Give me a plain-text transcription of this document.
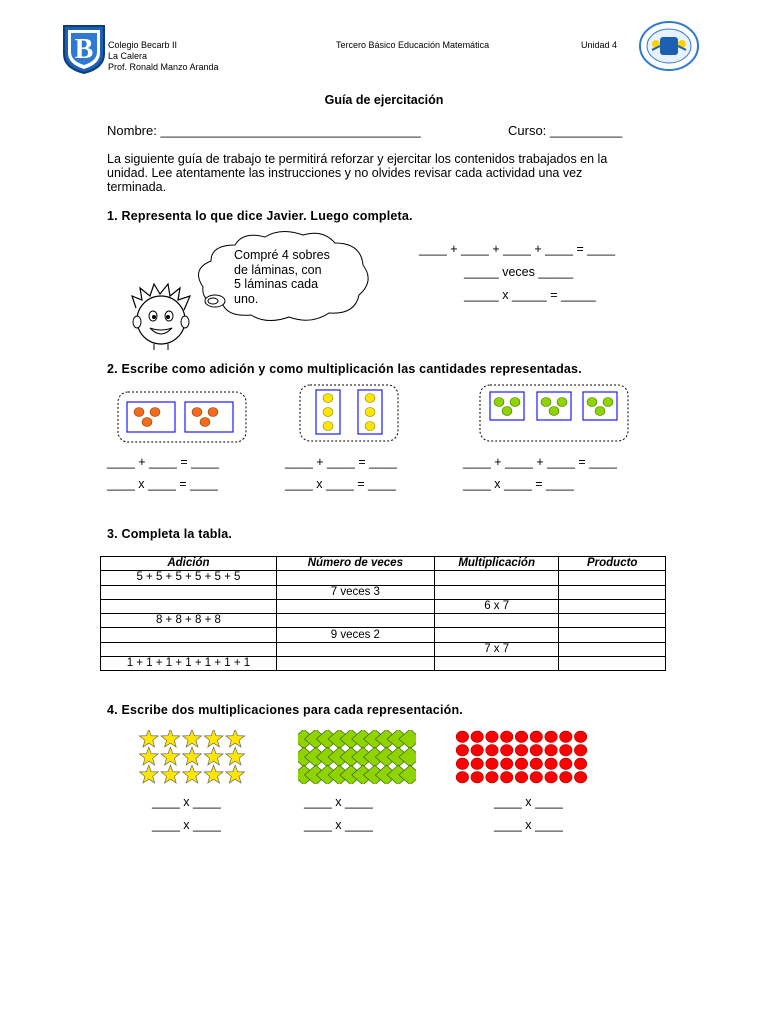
B Colegio Becarb II
La Calera
Prof. Ronald Manzo Aranda
Tercero Básico Educación Matemática	Unidad 4
Guía de ejercitación
Nombre: ____________________________________	Curso: __________
La siguiente guía de trabajo te permitirá reforzar y ejercitar los contenidos trabajados en la
unidad. Lee atentamente las instrucciones y no olvides revisar cada actividad una vez
terminada.
1. Representa lo que dice Javier. Luego completa.
Compré 4 sobres
de láminas, con
5 láminas cada
uno.
____ + ____ + ____ + ____ = ____
_____ veces _____
_____ x _____ = _____
2. Escribe como adición y como multiplicación las cantidades representadas.
____ + ____ = ____
____ x ____ = ____
____ + ____ = ____
____ x ____ = ____
____ + ____ + ____ = ____
____ x ____ = ____
3. Completa la tabla.
Adición	Número de veces	Multiplicación	Producto
5 + 5 + 5 + 5 + 5 + 5			
	7 veces 3		
		6 x 7	
8 + 8 + 8 + 8			
	9 veces 2		
		7 x 7	
1 + 1 + 1 + 1 + 1 + 1 + 1			
4. Escribe dos multiplicaciones para cada representación.
____ x ____
____ x ____
____ x ____
____ x ____
____ x ____
____ x ____
